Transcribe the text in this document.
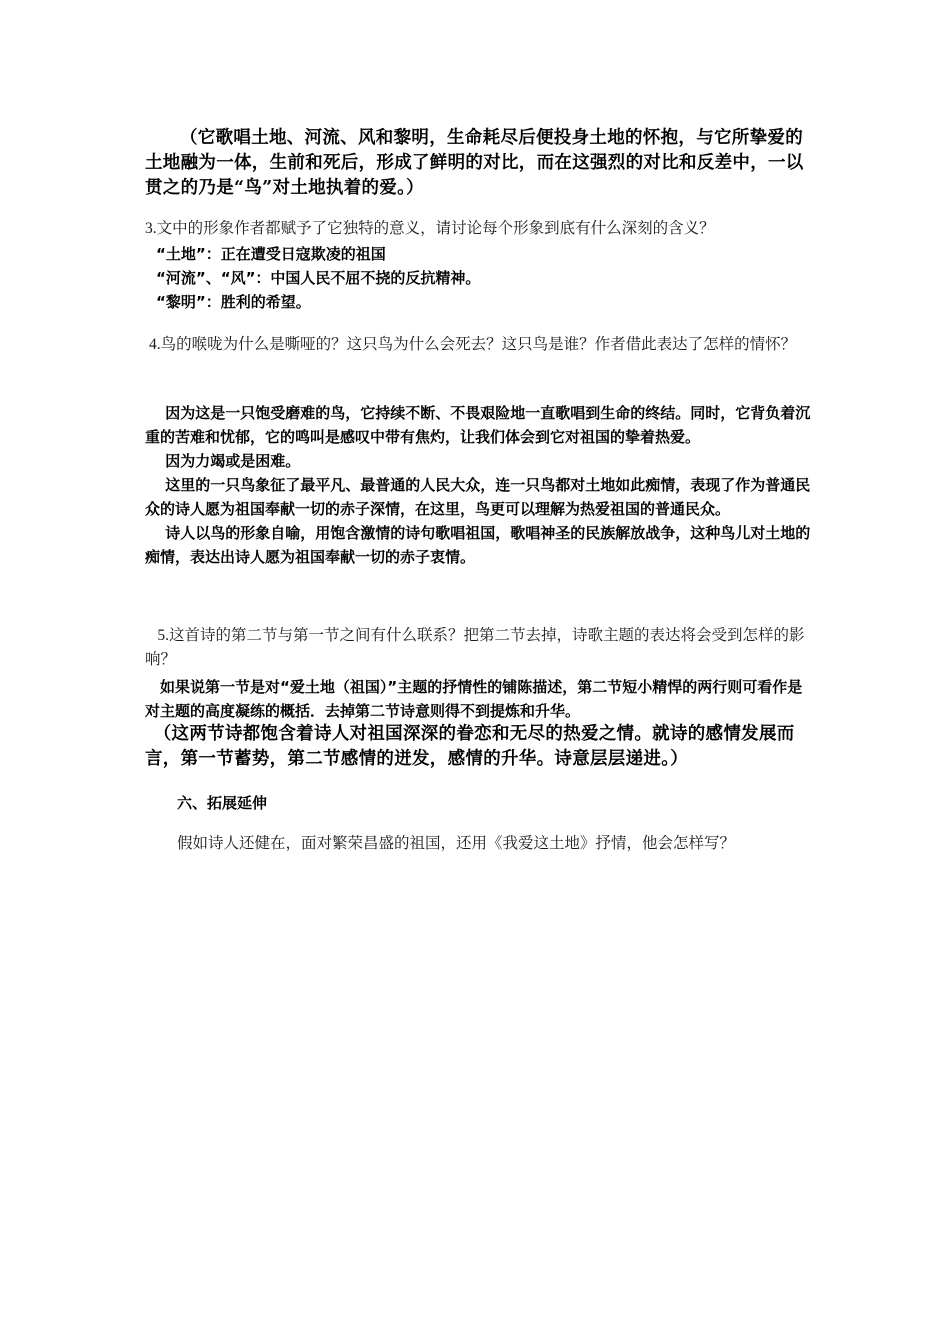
（它歌唱土地、河流、风和黎明，生命耗尽后便投身土地的怀抱，与它所挚爱的土地融为一体，生前和死后，形成了鲜明的对比，而在这强烈的对比和反差中，一以贯之的乃是“鸟”对土地执着的爱。）

3.文中的形象作者都赋予了它独特的意义，请讨论每个形象到底有什么深刻的含义？

“土地”：正在遭受日寇欺凌的祖国
“河流”、“风”：中国人民不屈不挠的反抗精神。
“黎明”：胜利的希望。

4.鸟的喉咙为什么是嘶哑的？这只鸟为什么会死去？这只鸟是谁？作者借此表达了怎样的情怀？

因为这是一只饱受磨难的鸟，它持续不断、不畏艰险地一直歌唱到生命的终结。同时，它背负着沉重的苦难和忧郁，它的鸣叫是感叹中带有焦灼，让我们体会到它对祖国的挚着热爱。
因为力竭或是困难。
这里的一只鸟象征了最平凡、最普通的人民大众，连一只鸟都对土地如此痴情，表现了作为普通民众的诗人愿为祖国奉献一切的赤子深情，在这里，鸟更可以理解为热爱祖国的普通民众。
诗人以鸟的形象自喻，用饱含激情的诗句歌唱祖国，歌唱神圣的民族解放战争，这种鸟儿对土地的痴情，表达出诗人愿为祖国奉献一切的赤子衷情。

5.这首诗的第二节与第一节之间有什么联系？把第二节去掉，诗歌主题的表达将会受到怎样的影响？

如果说第一节是对“爱土地（祖国）”主题的抒情性的铺陈描述，第二节短小精悍的两行则可看作是对主题的高度凝练的概括．去掉第二节诗意则得不到提炼和升华。

（这两节诗都饱含着诗人对祖国深深的眷恋和无尽的热爱之情。就诗的感情发展而言，第一节蓄势，第二节感情的迸发，感情的升华。诗意层层递进。）

六、拓展延伸

假如诗人还健在，面对繁荣昌盛的祖国，还用《我爱这土地》抒情，他会怎样写？
